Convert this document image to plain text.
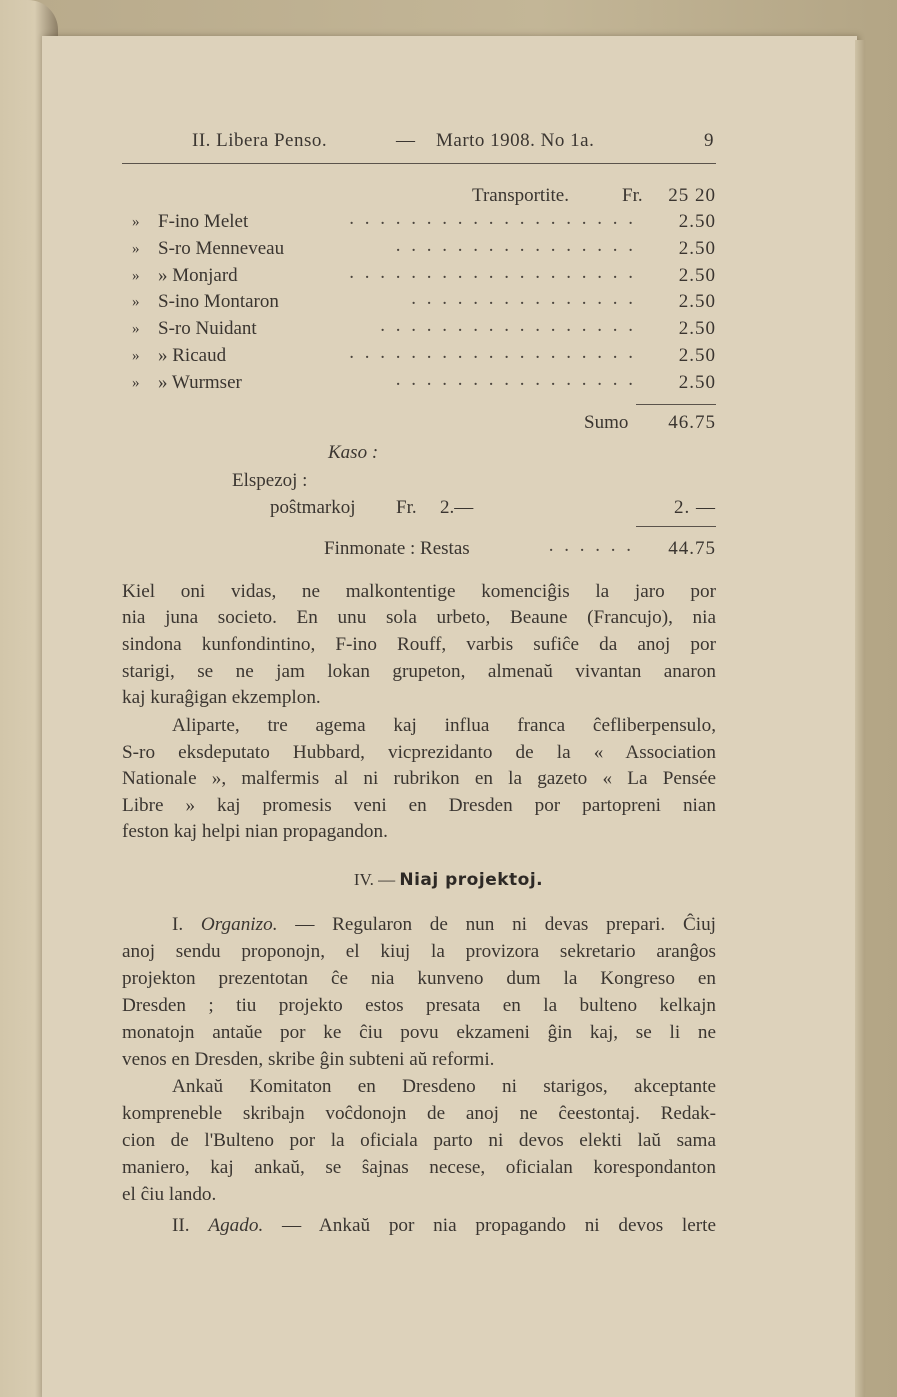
II. Libera Penso.	— Marto 1908. No 1a.	9
Transportite.	Fr. 25 20
» F-ino Melet	. . . . . . . . . . . . . . . . . . . 2.50
» S-ro Menneveau	. . . . . . . . . . . . . . . . 2.50
» » Monjard	. . . . . . . . . . . . . . . . . . . 2.50
» S-ino Montaron	. . . . . . . . . . . . . . . 2.50
» S-ro Nuidant	. . . . . . . . . . . . . . . . . 2.50
» » Ricaud	. . . . . . . . . . . . . . . . . . . 2.50
» » Wurmser	. . . . . . . . . . . . . . . . 2.50
Sumo 46.75
Kaso :
Elspezoj :
poŝtmarkoj Fr. 2.—	2. —
Finmonate : Restas	. . . . . . 44.75
Kiel oni vidas, ne malkontentige komenciĝis la jaro por
nia juna societo. En unu sola urbeto, Beaune (Francujo), nia
sindona kunfondintino, F-ino Rouff, varbis sufiĉe da anoj por
starigi, se ne jam lokan grupeton, almenaŭ vivantan anaron
kaj kuraĝigan ekzemplon.
Aliparte, tre agema kaj influa franca ĉefliberpensulo,
S-ro eksdeputato Hubbard, vicprezidanto de la « Association
Nationale », malfermis al ni rubrikon en la gazeto « La Pensée
Libre » kaj promesis veni en Dresden por partopreni nian
feston kaj helpi nian propagandon.
IV. — Niaj projektoj.
I. Organizo. — Regularon de nun ni devas prepari. Ĉiuj
anoj sendu proponojn, el kiuj la provizora sekretario aranĝos
projekton prezentotan ĉe nia kunveno dum la Kongreso en
Dresden ; tiu projekto estos presata en la bulteno kelkajn
monatojn antaŭe por ke ĉiu povu ekzameni ĝin kaj, se li ne
venos en Dresden, skribe ĝin subteni aŭ reformi.
Ankaŭ Komitaton en Dresdeno ni starigos, akceptante
kompreneble skribajn voĉdonojn de anoj ne ĉeestontaj. Redak-
cion de l'Bulteno por la oficiala parto ni devos elekti laŭ sama
maniero, kaj ankaŭ, se ŝajnas necese, oficialan korespondanton
el ĉiu lando.
II. Agado. — Ankaŭ por nia propagando ni devos lerte
